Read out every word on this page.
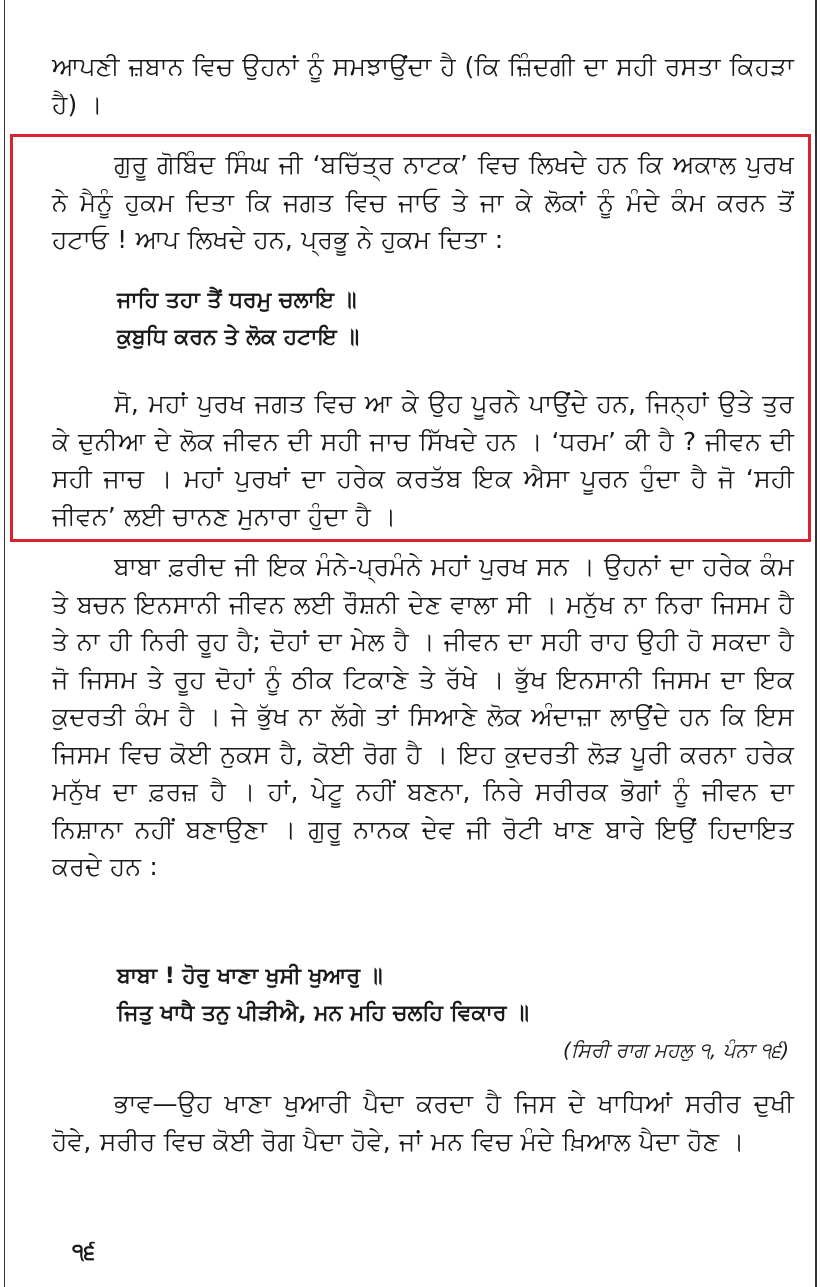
ਆਪਣੀ ਜ਼ਬਾਨ ਵਿਚ ਉਹਨਾਂ ਨੂੰ ਸਮਝਾਉਂਦਾ ਹੈ (ਕਿ ਜ਼ਿੰਦਗੀ ਦਾ ਸਹੀ ਰਸਤਾ ਕਿਹੜਾ ਹੈ) ।

ਗੁਰੂ ਗੋਬਿੰਦ ਸਿੰਘ ਜੀ ‘ਬਚਿੱਤ੍ਰ ਨਾਟਕ’ ਵਿਚ ਲਿਖਦੇ ਹਨ ਕਿ ਅਕਾਲ ਪੁਰਖ ਨੇ ਮੈਨੂੰ ਹੁਕਮ ਦਿਤਾ ਕਿ ਜਗਤ ਵਿਚ ਜਾਓ ਤੇ ਜਾ ਕੇ ਲੋਕਾਂ ਨੂੰ ਮੰਦੇ ਕੰਮ ਕਰਨ ਤੋਂ ਹਟਾਓ ! ਆਪ ਲਿਖਦੇ ਹਨ, ਪ੍ਰਭੂ ਨੇ ਹੁਕਮ ਦਿਤਾ :

ਜਾਹਿ ਤਹਾ ਤੈਂ ਧਰਮੁ ਚਲਾਇ ॥
ਕੁਬੁਧਿ ਕਰਨ ਤੇ ਲੋਕ ਹਟਾਇ ॥

ਸੋ, ਮਹਾਂ ਪੁਰਖ ਜਗਤ ਵਿਚ ਆ ਕੇ ਉਹ ਪੂਰਨੇ ਪਾਉਂਦੇ ਹਨ, ਜਿਨ੍ਹਾਂ ਉਤੇ ਤੁਰ ਕੇ ਦੁਨੀਆ ਦੇ ਲੋਕ ਜੀਵਨ ਦੀ ਸਹੀ ਜਾਚ ਸਿੱਖਦੇ ਹਨ । ‘ਧਰਮ’ ਕੀ ਹੈ ? ਜੀਵਨ ਦੀ ਸਹੀ ਜਾਚ । ਮਹਾਂ ਪੁਰਖਾਂ ਦਾ ਹਰੇਕ ਕਰਤੱਬ ਇਕ ਐਸਾ ਪੂਰਨ ਹੁੰਦਾ ਹੈ ਜੋ ‘ਸਹੀ ਜੀਵਨ’ ਲਈ ਚਾਨਣ ਮੁਨਾਰਾ ਹੁੰਦਾ ਹੈ ।

ਬਾਬਾ ਫ਼ਰੀਦ ਜੀ ਇਕ ਮੰਨੇ-ਪ੍ਰਮੰਨੇ ਮਹਾਂ ਪੁਰਖ ਸਨ । ਉਹਨਾਂ ਦਾ ਹਰੇਕ ਕੰਮ ਤੇ ਬਚਨ ਇਨਸਾਨੀ ਜੀਵਨ ਲਈ ਰੌਸ਼ਨੀ ਦੇਣ ਵਾਲਾ ਸੀ । ਮਨੁੱਖ ਨਾ ਨਿਰਾ ਜਿਸਮ ਹੈ ਤੇ ਨਾ ਹੀ ਨਿਰੀ ਰੂਹ ਹੈ; ਦੋਹਾਂ ਦਾ ਮੇਲ ਹੈ । ਜੀਵਨ ਦਾ ਸਹੀ ਰਾਹ ਉਹੀ ਹੋ ਸਕਦਾ ਹੈ ਜੋ ਜਿਸਮ ਤੇ ਰੂਹ ਦੋਹਾਂ ਨੂੰ ਠੀਕ ਟਿਕਾਣੇ ਤੇ ਰੱਖੇ । ਭੁੱਖ ਇਨਸਾਨੀ ਜਿਸਮ ਦਾ ਇਕ ਕੁਦਰਤੀ ਕੰਮ ਹੈ । ਜੇ ਭੁੱਖ ਨਾ ਲੱਗੇ ਤਾਂ ਸਿਆਣੇ ਲੋਕ ਅੰਦਾਜ਼ਾ ਲਾਉਂਦੇ ਹਨ ਕਿ ਇਸ ਜਿਸਮ ਵਿਚ ਕੋਈ ਨੁਕਸ ਹੈ, ਕੋਈ ਰੋਗ ਹੈ । ਇਹ ਕੁਦਰਤੀ ਲੋੜ ਪੂਰੀ ਕਰਨਾ ਹਰੇਕ ਮਨੁੱਖ ਦਾ ਫ਼ਰਜ਼ ਹੈ । ਹਾਂ, ਪੇਟੂ ਨਹੀਂ ਬਣਨਾ, ਨਿਰੇ ਸਰੀਰਕ ਭੋਗਾਂ ਨੂੰ ਜੀਵਨ ਦਾ ਨਿਸ਼ਾਨਾ ਨਹੀਂ ਬਣਾਉਣਾ । ਗੁਰੂ ਨਾਨਕ ਦੇਵ ਜੀ ਰੋਟੀ ਖਾਣ ਬਾਰੇ ਇਉਂ ਹਿਦਾਇਤ ਕਰਦੇ ਹਨ :

ਬਾਬਾ ! ਹੋਰੁ ਖਾਣਾ ਖੁਸੀ ਖੁਆਰੁ ॥
ਜਿਤੁ ਖਾਧੈ ਤਨੁ ਪੀੜੀਐ, ਮਨ ਮਹਿ ਚਲਹਿ ਵਿਕਾਰ ॥
(ਸਿਰੀ ਰਾਗ ਮਹਲੁ ੧, ਪੰਨਾ ੧੬)

ਭਾਵ—ਉਹ ਖਾਣਾ ਖੁਆਰੀ ਪੈਦਾ ਕਰਦਾ ਹੈ ਜਿਸ ਦੇ ਖਾਧਿਆਂ ਸਰੀਰ ਦੁਖੀ ਹੋਵੇ, ਸਰੀਰ ਵਿਚ ਕੋਈ ਰੋਗ ਪੈਦਾ ਹੋਵੇ, ਜਾਂ ਮਨ ਵਿਚ ਮੰਦੇ ਖ਼ਿਆਲ ਪੈਦਾ ਹੋਣ ।

੧੬
